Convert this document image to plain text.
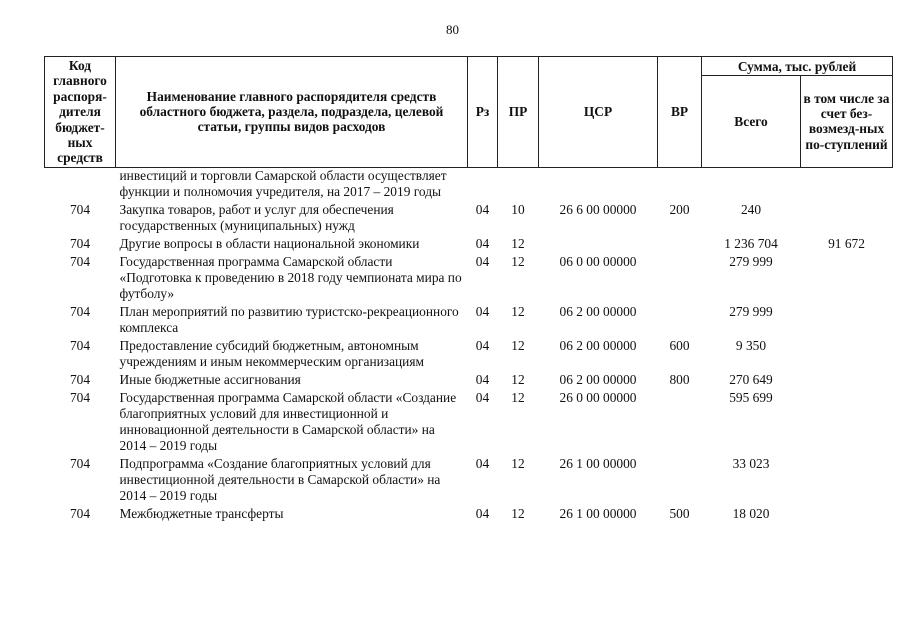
80
Код главного распоря-дителя бюджет-ных средств	Наименование главного распорядителя средств областного бюджета, раздела, подраздела, целевой статьи, группы видов расходов	Рз	ПР	ЦСР	ВР	Сумма, тыс. рублей	
						Всего	в том числе за счет без-возмезд-ных по-ступлений
	инвестиций и торговли Самарской области осуществляет функции и полномочия учредителя, на 2017 – 2019 годы						
704	Закупка товаров, работ и услуг для обеспечения государственных (муниципальных) нужд	04	10	26 6 00 00000	200	240	
704	Другие вопросы в области национальной экономики	04	12			1 236 704	91 672
704	Государственная программа Самарской области «Подготовка к проведению в 2018 году чемпионата мира по футболу»	04	12	06 0 00 00000		279 999	
704	План мероприятий по развитию туристско-рекреационного комплекса	04	12	06 2 00 00000		279 999	
704	Предоставление субсидий бюджетным, автономным учреждениям и иным некоммерческим организациям	04	12	06 2 00 00000	600	9 350	
704	Иные бюджетные ассигнования	04	12	06 2 00 00000	800	270 649	
704	Государственная программа Самарской области «Создание благоприятных условий для инвестиционной и инновационной деятельности в Самарской области» на 2014 – 2019 годы	04	12	26 0 00 00000		595 699	
704	Подпрограмма «Создание благоприятных условий для инвестиционной деятельности в Самарской области» на 2014 – 2019 годы	04	12	26 1 00 00000		33 023	
704	Межбюджетные трансферты	04	12	26 1 00 00000	500	18 020	
